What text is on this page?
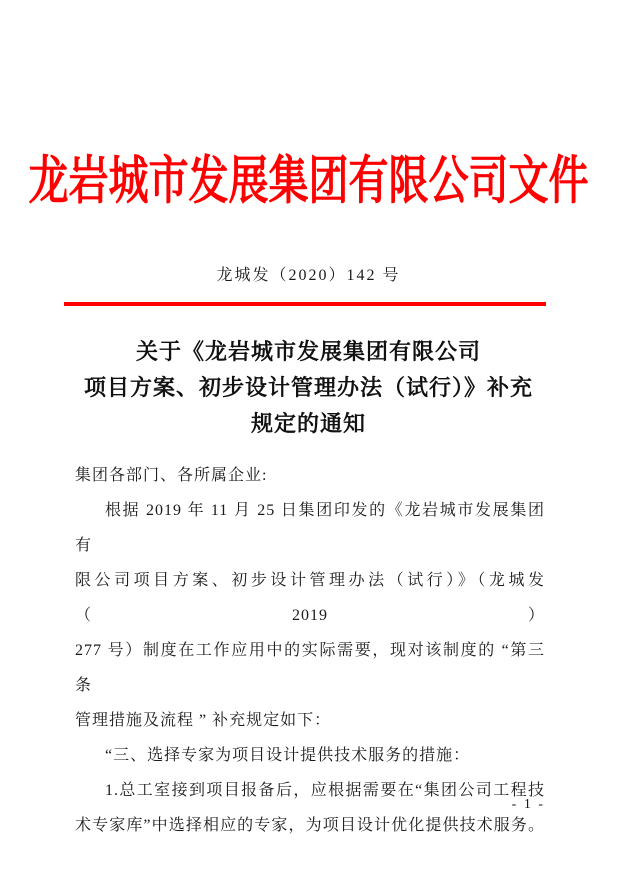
龙岩城市发展集团有限公司文件
龙城发（2020）142 号
关于《龙岩城市发展集团有限公司
项目方案、初步设计管理办法（试行）》补充
规定的通知
集团各部门、各所属企业:
根据 2019 年 11 月 25 日集团印发的《龙岩城市发展集团有
限公司项目方案、初步设计管理办法（试行）》（龙城发（2019）
277 号）制度在工作应用中的实际需要，现对该制度的 “第三条
管理措施及流程 ” 补充规定如下：
“三、选择专家为项目设计提供技术服务的措施：
1.总工室接到项目报备后，应根据需要在“集团公司工程技
术专家库”中选择相应的专家，为项目设计优化提供技术服务。
- 1 -
